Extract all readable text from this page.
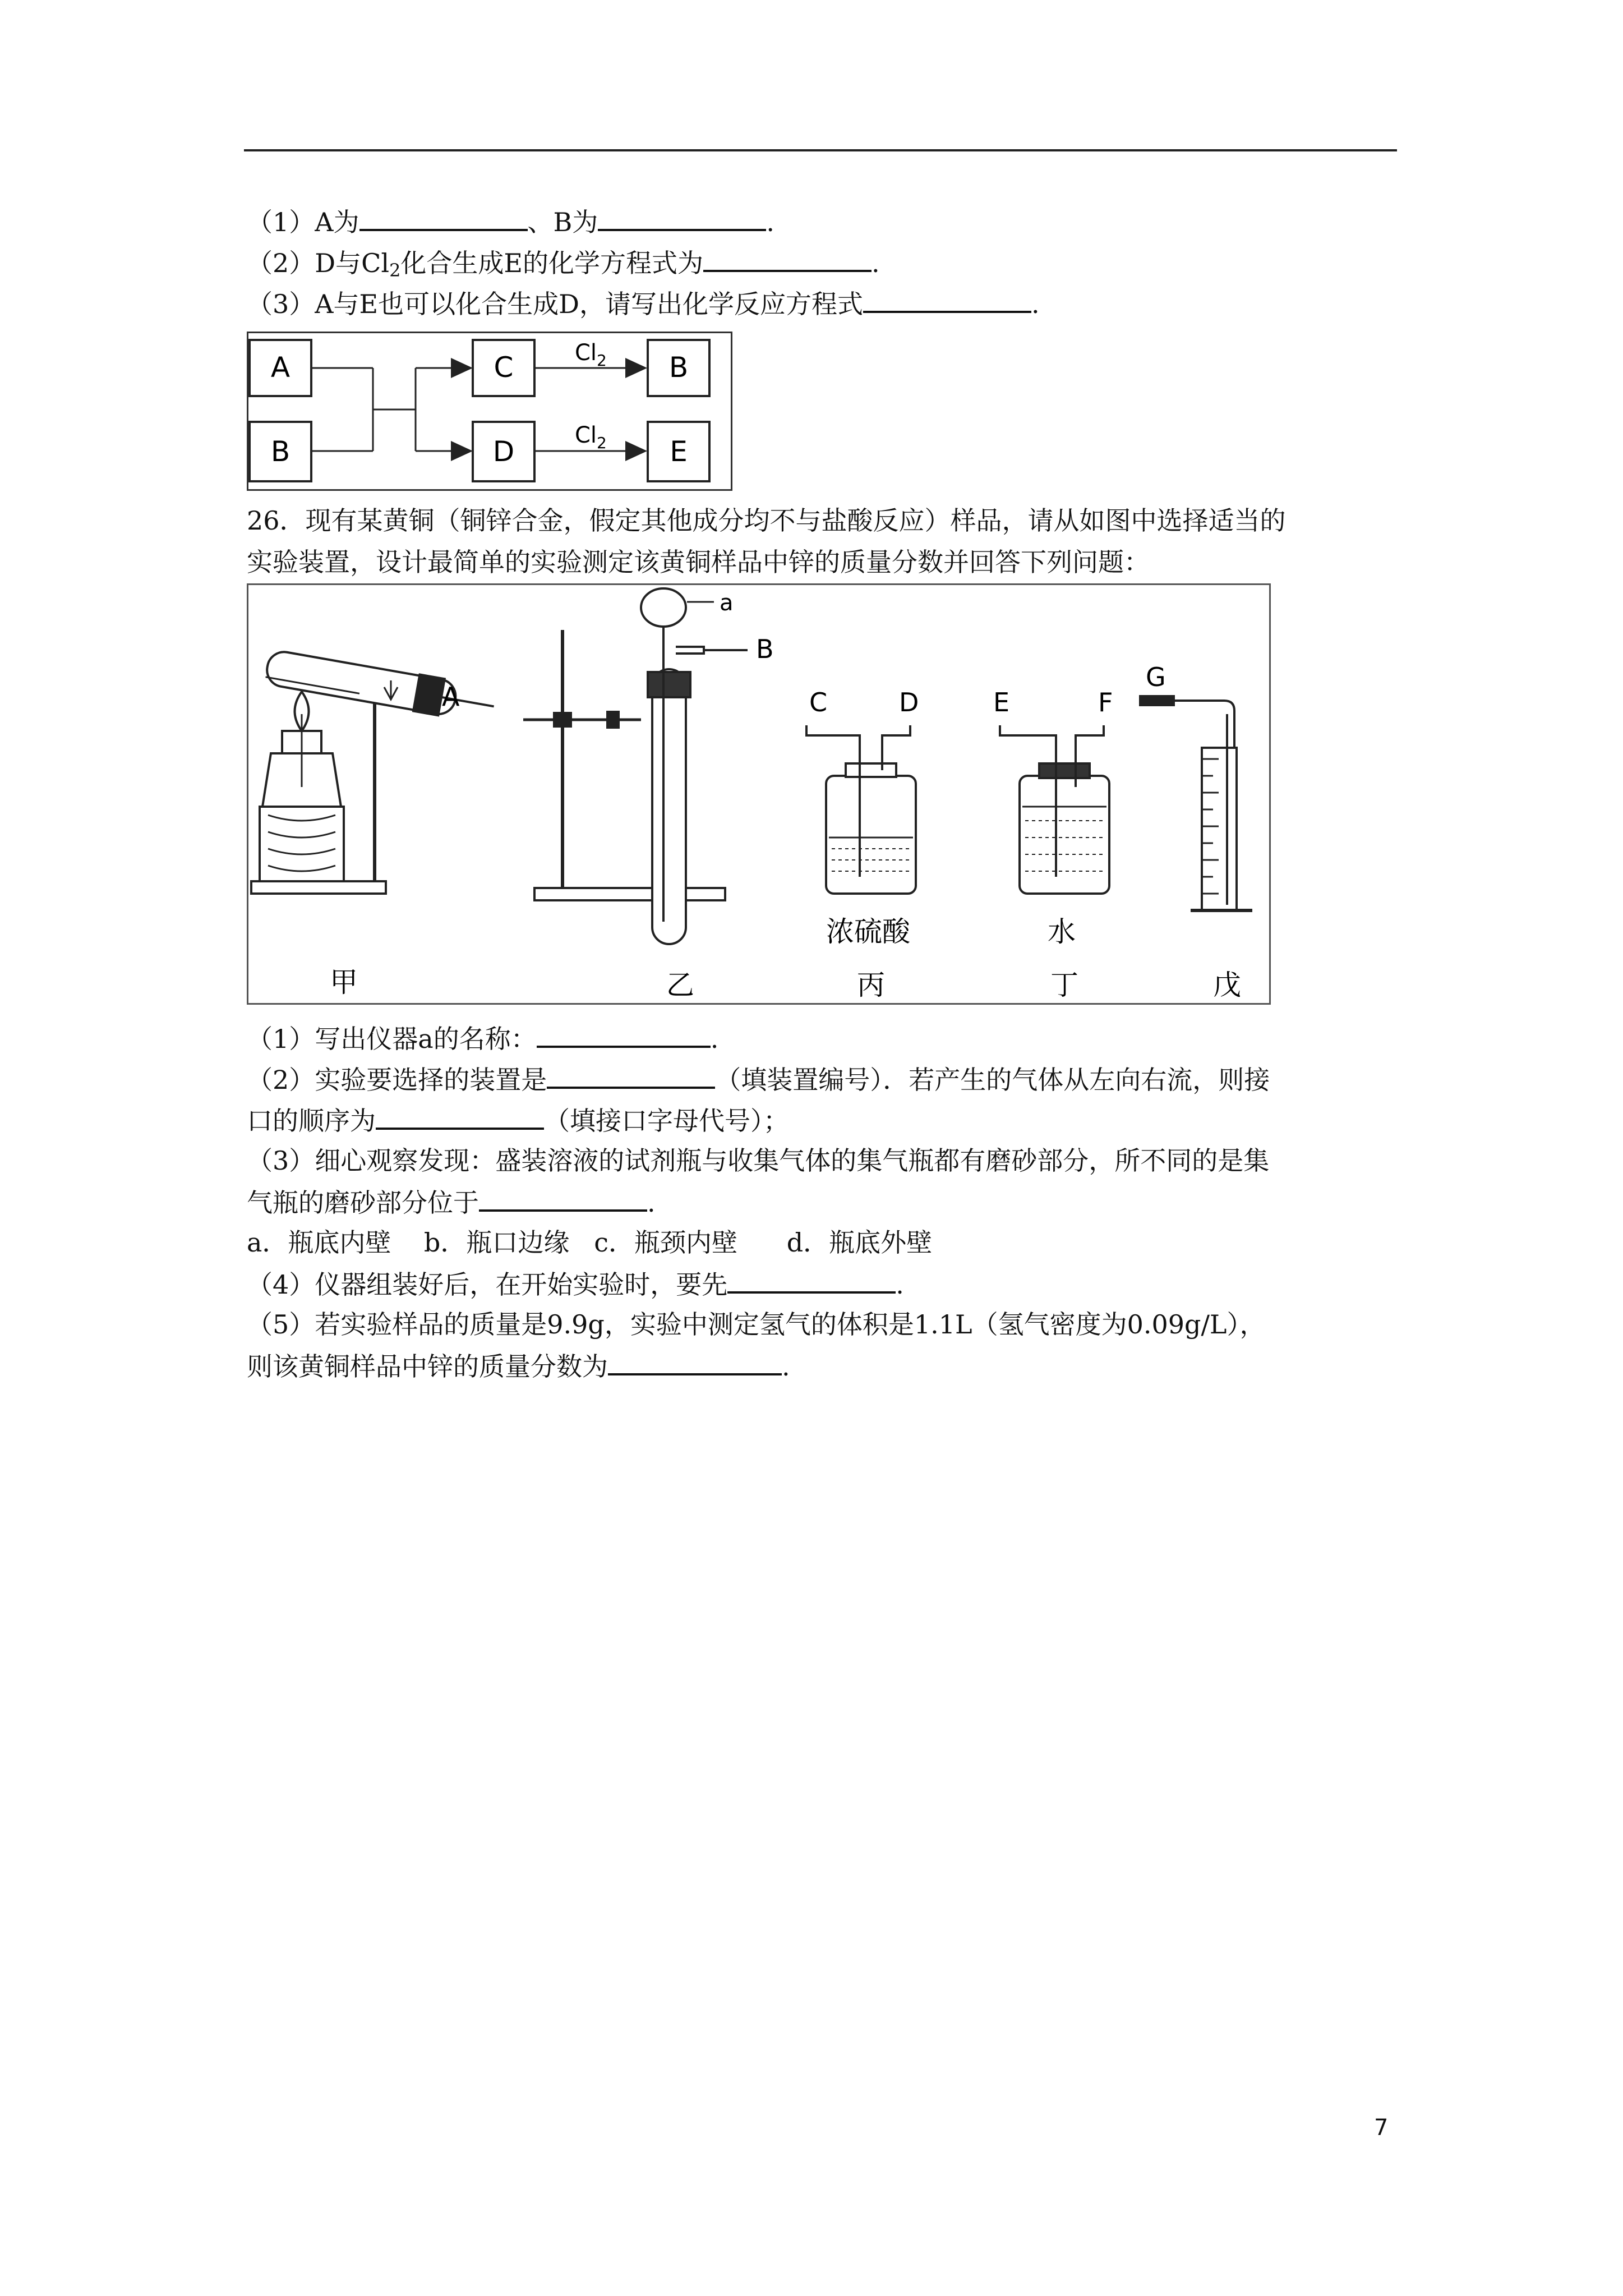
（1）A为	、B为	.
（2）D与$Cl_2$化合生成E的化学方程式为	.
（3）A与E也可以化合生成D，请写出化学反应方程式	.
A
B
C
D
$Cl_2$
$Cl_2$
B
E
26．现有某黄铜（铜锌合金，假定其他成分均不与盐酸反应）样品，请从如图中选择适当的
实验装置，设计最简单的实验测定该黄铜样品中锌的质量分数并回答下列问题：
A
a
B
C	D
浓硫酸
E	F
水
G
甲	乙	丙	丁	戊
（1）写出仪器a的名称：	.
（2）实验要选择的装置是	（填装置编号）．若产生的气体从左向右流，则接
口的顺序为	（填接口字母代号）；
（3）细心观察发现：盛装溶液的试剂瓶与收集气体的集气瓶都有磨砂部分，所不同的是集
气瓶的磨砂部分位于	.
a．瓶底内壁    b．瓶口边缘   c．瓶颈内壁      d．瓶底外壁
（4）仪器组装好后，在开始实验时，要先	.
（5）若实验样品的质量是9.9g，实验中测定氢气的体积是1.1L（氢气密度为0.09g/L），
则该黄铜样品中锌的质量分数为	.
7
